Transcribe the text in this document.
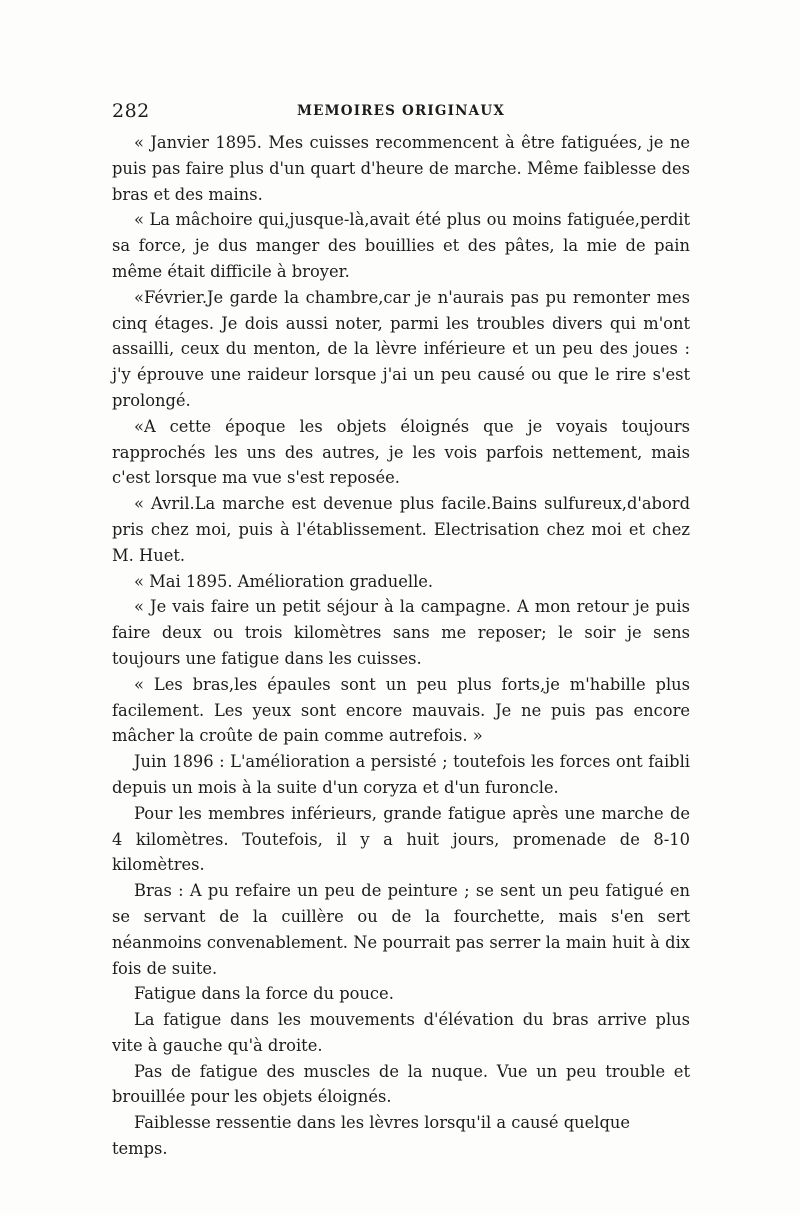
282	MEMOIRES ORIGINAUX

« Janvier 1895. Mes cuisses recommencent à être fatiguées, je ne puis pas faire plus d'un quart d'heure de marche. Même faiblesse des bras et des mains.

« La mâchoire qui,jusque-là,avait été plus ou moins fatiguée,perdit sa force, je dus manger des bouillies et des pâtes, la mie de pain même était difficile à broyer.

«Février.Je garde la chambre,car je n'aurais pas pu remonter mes cinq étages. Je dois aussi noter, parmi les troubles divers qui m'ont assailli, ceux du menton, de la lèvre inférieure et un peu des joues : j'y éprouve une raideur lorsque j'ai un peu causé ou que le rire s'est prolongé.

«A cette époque les objets éloignés que je voyais toujours rapprochés les uns des autres, je les vois parfois nettement, mais c'est lorsque ma vue s'est reposée.

« Avril.La marche est devenue plus facile.Bains sulfureux,d'abord pris chez moi, puis à l'établissement. Electrisation chez moi et chez M. Huet.

« Mai 1895. Amélioration graduelle.

« Je vais faire un petit séjour à la campagne. A mon retour je puis faire deux ou trois kilomètres sans me reposer; le soir je sens toujours une fatigue dans les cuisses.

« Les bras,les épaules sont un peu plus forts,je m'habille plus facilement. Les yeux sont encore mauvais. Je ne puis pas encore mâcher la croûte de pain comme autrefois. »

Juin 1896 : L'amélioration a persisté ; toutefois les forces ont faibli depuis un mois à la suite d'un coryza et d'un furoncle.

Pour les membres inférieurs, grande fatigue après une marche de 4 kilomètres. Toutefois, il y a huit jours, promenade de 8-10 kilomètres.

Bras : A pu refaire un peu de peinture ; se sent un peu fatigué en se servant de la cuillère ou de la fourchette, mais s'en sert néanmoins convenablement. Ne pourrait pas serrer la main huit à dix fois de suite.

Fatigue dans la force du pouce.

La fatigue dans les mouvements d'élévation du bras arrive plus vite à gauche qu'à droite.

Pas de fatigue des muscles de la nuque. Vue un peu trouble et brouillée pour les objets éloignés.

Faiblesse ressentie dans les lèvres lorsqu'il a causé quelque temps.
